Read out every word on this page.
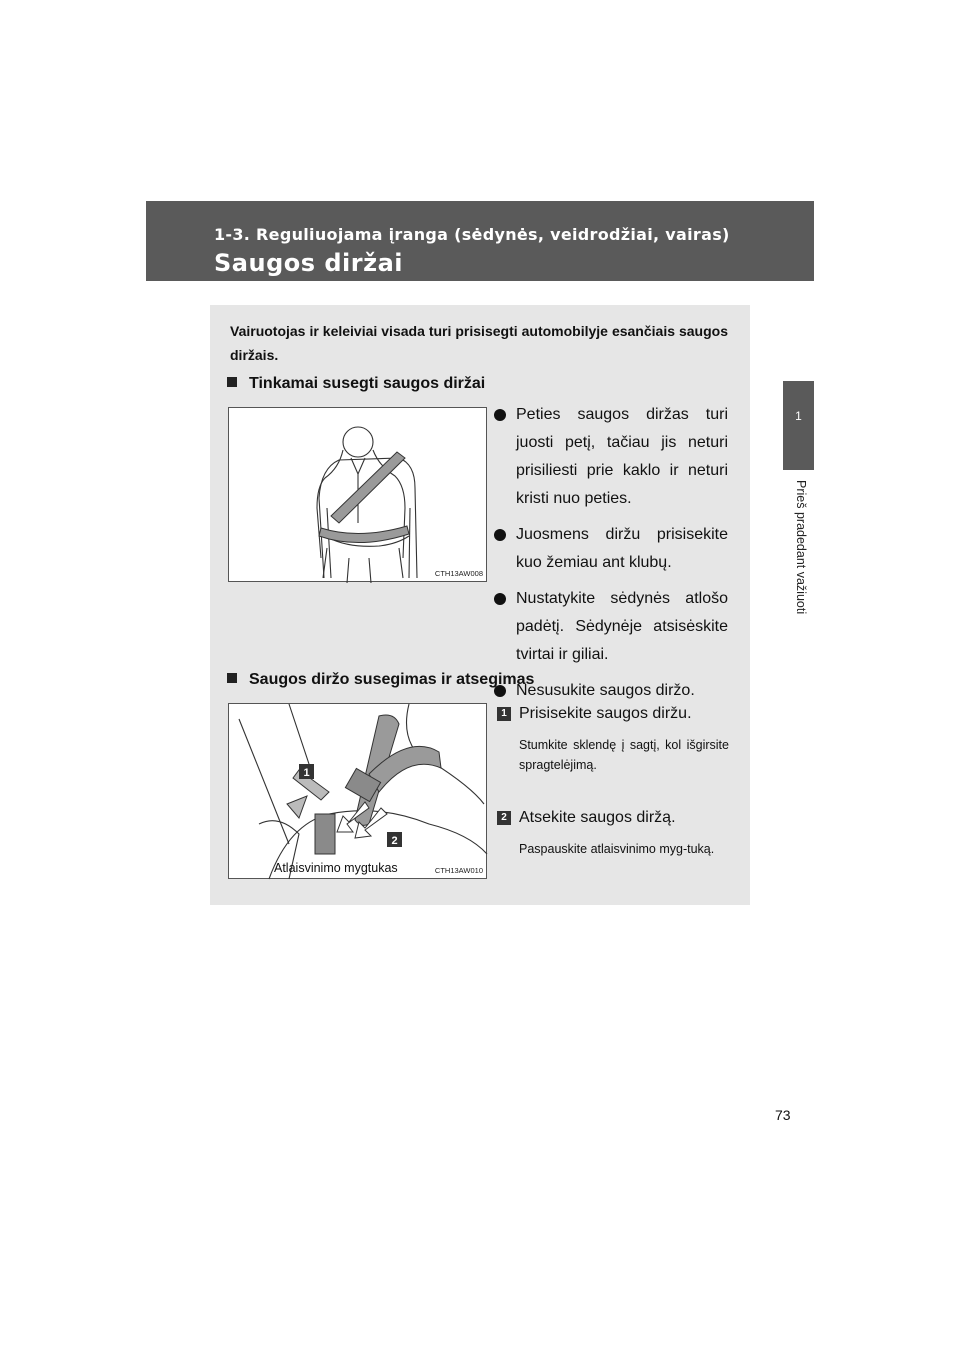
1-3. Reguliuojama įranga (sėdynės, veidrodžiai, vairas)
Saugos diržai
1
Prieš pradedant važiuoti
Vairuotojas ir keleiviai visada turi prisisegti automobilyje esančiais saugos diržais.
Tinkamai susegti saugos diržai
CTH13AW008
Peties saugos diržas turi juosti petį, tačiau jis neturi prisiliesti prie kaklo ir neturi kristi nuo peties.
Juosmens diržu prisisekite kuo žemiau ant klubų.
Nustatykite sėdynės atlošo padėtį. Sėdynėje atsisėskite tvirtai ir giliai.
Nesusukite saugos diržo.
Saugos diržo susegimas ir atsegimas
1
2
Atlaisvinimo mygtukas	CTH13AW010
1 Prisisekite saugos diržu.
Stumkite sklendę į sagtį, kol išgirsite spragtelėjimą.
2 Atsekite saugos diržą.
Paspauskite atlaisvinimo myg-tuką.
73
